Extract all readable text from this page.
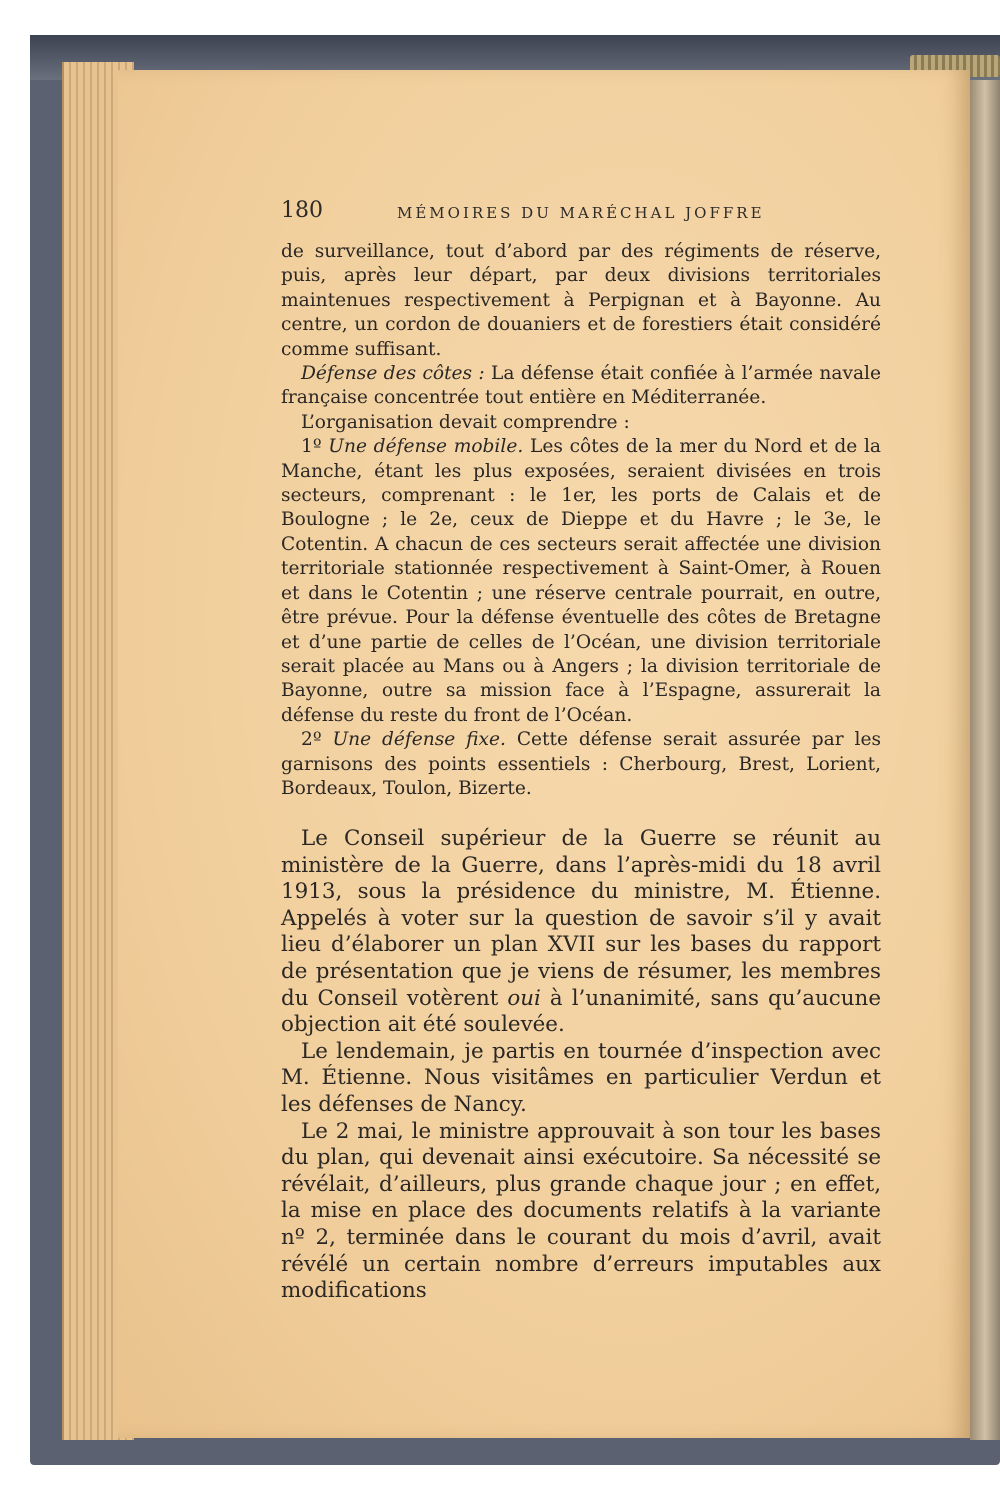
180	MÉMOIRES DU MARÉCHAL JOFFRE

de surveillance, tout d’abord par des régiments de réserve, puis, après leur départ, par deux divisions territoriales maintenues respectivement à Perpignan et à Bayonne. Au centre, un cordon de douaniers et de forestiers était considéré comme suffisant.

Défense des côtes : La défense était confiée à l’armée navale française concentrée tout entière en Méditerranée.

L’organisation devait comprendre :

1º Une défense mobile. Les côtes de la mer du Nord et de la Manche, étant les plus exposées, seraient divisées en trois secteurs, comprenant : le 1er, les ports de Calais et de Boulogne ; le 2e, ceux de Dieppe et du Havre ; le 3e, le Cotentin. A chacun de ces secteurs serait affectée une division territoriale stationnée respectivement à Saint-Omer, à Rouen et dans le Cotentin ; une réserve centrale pourrait, en outre, être prévue. Pour la défense éventuelle des côtes de Bretagne et d’une partie de celles de l’Océan, une division territoriale serait placée au Mans ou à Angers ; la division territoriale de Bayonne, outre sa mission face à l’Espagne, assurerait la défense du reste du front de l’Océan.

2º Une défense fixe. Cette défense serait assurée par les garnisons des points essentiels : Cherbourg, Brest, Lorient, Bordeaux, Toulon, Bizerte.

Le Conseil supérieur de la Guerre se réunit au ministère de la Guerre, dans l’après-midi du 18 avril 1913, sous la présidence du ministre, M. Étienne. Appelés à voter sur la question de savoir s’il y avait lieu d’élaborer un plan XVII sur les bases du rapport de présentation que je viens de résumer, les membres du Conseil votèrent oui à l’unanimité, sans qu’aucune objection ait été soulevée.

Le lendemain, je partis en tournée d’inspection avec M. Étienne. Nous visitâmes en particulier Verdun et les défenses de Nancy.

Le 2 mai, le ministre approuvait à son tour les bases du plan, qui devenait ainsi exécutoire. Sa nécessité se révélait, d’ailleurs, plus grande chaque jour ; en effet, la mise en place des documents relatifs à la variante nº 2, terminée dans le courant du mois d’avril, avait révélé un certain nombre d’erreurs imputables aux modifications
